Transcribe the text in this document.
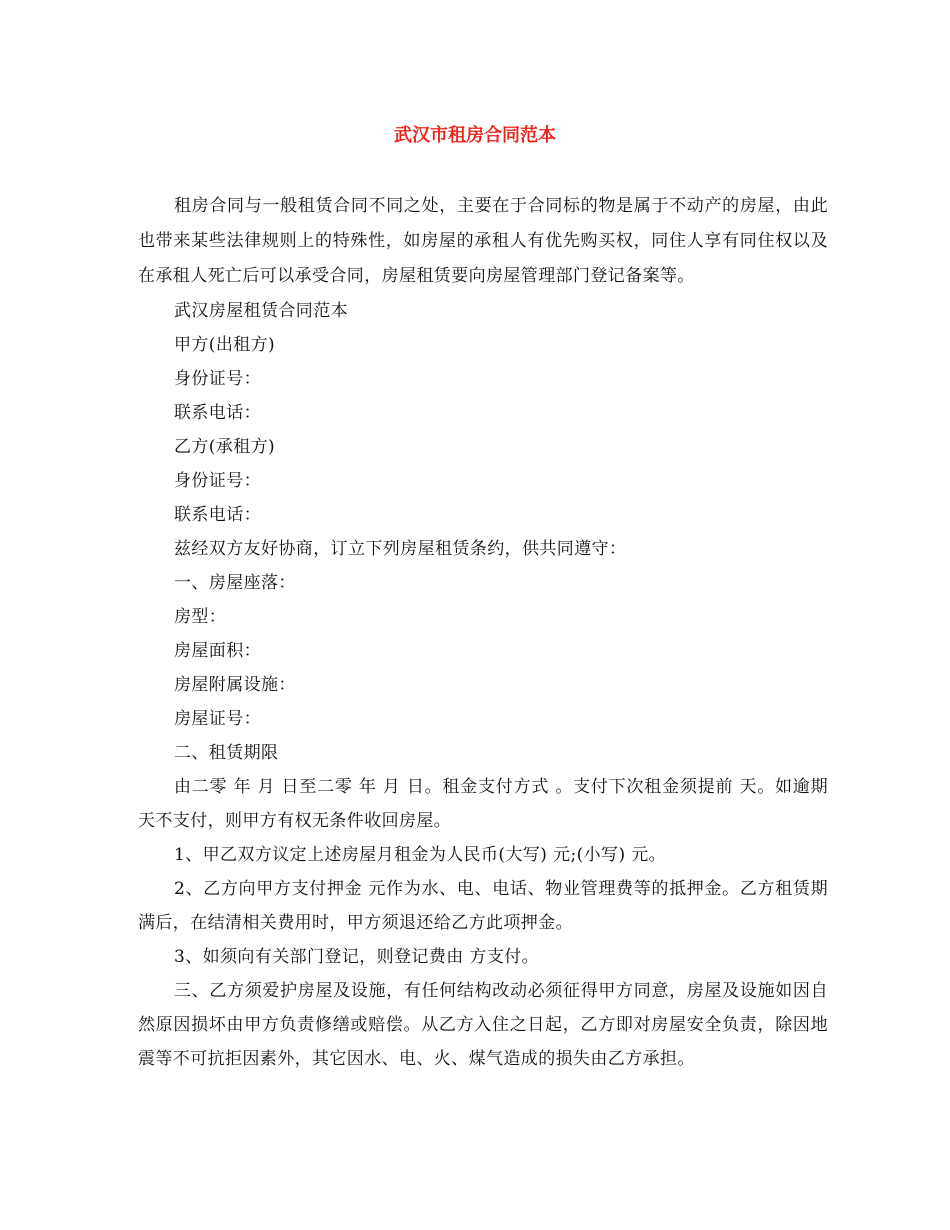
武汉市租房合同范本

租房合同与一般租赁合同不同之处，主要在于合同标的物是属于不动产的房屋，由此也带来某些法律规则上的特殊性，如房屋的承租人有优先购买权，同住人享有同住权以及在承租人死亡后可以承受合同，房屋租赁要向房屋管理部门登记备案等。

武汉房屋租赁合同范本

甲方(出租方)

身份证号：

联系电话：

乙方(承租方)

身份证号：

联系电话：

兹经双方友好协商，订立下列房屋租赁条约，供共同遵守：

一、房屋座落：

房型：

房屋面积：

房屋附属设施：

房屋证号：

二、租赁期限

由二零 年 月 日至二零 年 月 日。租金支付方式 。支付下次租金须提前 天。如逾期 天不支付，则甲方有权无条件收回房屋。

1、甲乙双方议定上述房屋月租金为人民币(大写) 元;(小写) 元。

2、乙方向甲方支付押金 元作为水、电、电话、物业管理费等的抵押金。乙方租赁期满后，在结清相关费用时，甲方须退还给乙方此项押金。

3、如须向有关部门登记，则登记费由 方支付。

三、乙方须爱护房屋及设施，有任何结构改动必须征得甲方同意，房屋及设施如因自然原因损坏由甲方负责修缮或赔偿。从乙方入住之日起，乙方即对房屋安全负责，除因地震等不可抗拒因素外，其它因水、电、火、煤气造成的损失由乙方承担。
